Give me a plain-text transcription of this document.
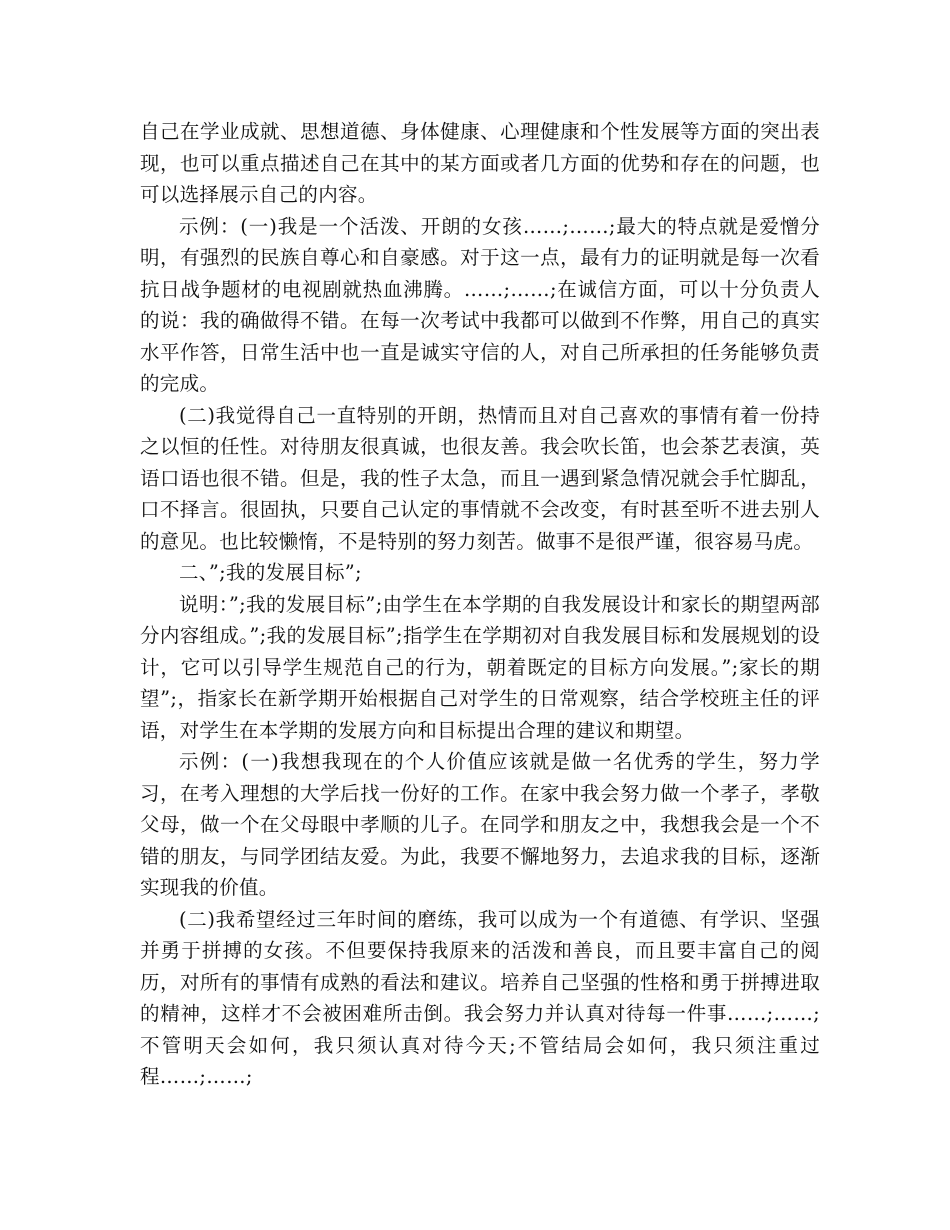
自己在学业成就、思想道德、身体健康、心理健康和个性发展等方面的突出表现，也可以重点描述自己在其中的某方面或者几方面的优势和存在的问题，也可以选择展示自己的内容。

示例：(一)我是一个活泼、开朗的女孩……;……;最大的特点就是爱憎分明，有强烈的民族自尊心和自豪感。对于这一点，最有力的证明就是每一次看抗日战争题材的电视剧就热血沸腾。……;……;在诚信方面，可以十分负责人的说：我的确做得不错。在每一次考试中我都可以做到不作弊，用自己的真实水平作答，日常生活中也一直是诚实守信的人，对自己所承担的任务能够负责的完成。

(二)我觉得自己一直特别的开朗，热情而且对自己喜欢的事情有着一份持之以恒的任性。对待朋友很真诚，也很友善。我会吹长笛，也会茶艺表演，英语口语也很不错。但是，我的性子太急，而且一遇到紧急情况就会手忙脚乱，口不择言。很固执，只要自己认定的事情就不会改变，有时甚至听不进去别人的意见。也比较懒惰，不是特别的努力刻苦。做事不是很严谨，很容易马虎。

二、”;我的发展目标”;

说明：”;我的发展目标”;由学生在本学期的自我发展设计和家长的期望两部分内容组成。”;我的发展目标”;指学生在学期初对自我发展目标和发展规划的设计，它可以引导学生规范自己的行为，朝着既定的目标方向发展。”;家长的期望”;，指家长在新学期开始根据自己对学生的日常观察，结合学校班主任的评语，对学生在本学期的发展方向和目标提出合理的建议和期望。

示例：(一)我想我现在的个人价值应该就是做一名优秀的学生，努力学习，在考入理想的大学后找一份好的工作。在家中我会努力做一个孝子，孝敬父母，做一个在父母眼中孝顺的儿子。在同学和朋友之中，我想我会是一个不错的朋友，与同学团结友爱。为此，我要不懈地努力，去追求我的目标，逐渐实现我的价值。

(二)我希望经过三年时间的磨练，我可以成为一个有道德、有学识、坚强并勇于拼搏的女孩。不但要保持我原来的活泼和善良，而且要丰富自己的阅历，对所有的事情有成熟的看法和建议。培养自己坚强的性格和勇于拼搏进取的精神，这样才不会被困难所击倒。我会努力并认真对待每一件事……;……;不管明天会如何，我只须认真对待今天;不管结局会如何，我只须注重过程……;……;
